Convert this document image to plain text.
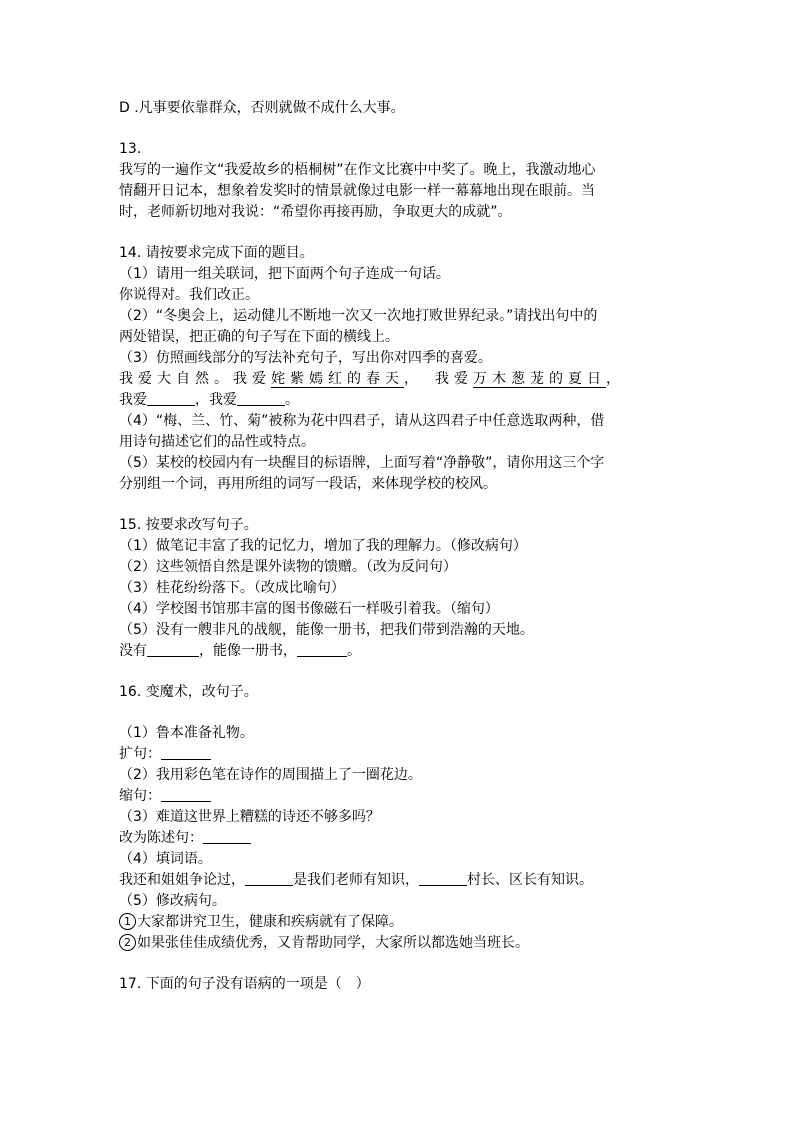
D .凡事要依靠群众，否则就做不成什么大事。
13.
我写的一遍作文“我爱故乡的梧桐树”在作文比赛中中奖了。晚上，我激动地心
情翻开日记本，想象着发奖时的情景就像过电影一样一幕幕地出现在眼前。当
时，老师新切地对我说：“希望你再接再励，争取更大的成就”。
14. 请按要求完成下面的题目。
（1）请用一组关联词，把下面两个句子连成一句话。
你说得对。我们改正。
（2）“冬奥会上，运动健儿不断地一次又一次地打败世界纪录。”请找出句中的
两处错误，把正确的句子写在下面的横线上。
（3）仿照画线部分的写法补充句子，写出你对四季的喜爱。
我爱大自然。我爱姹紫嫣红的春天，　我爱万木葱茏的夏日，
我爱	，我爱	。
（4）“梅、兰、竹、菊”被称为花中四君子，请从这四君子中任意选取两种，借
用诗句描述它们的品性或特点。
（5）某校的校园内有一块醒目的标语牌，上面写着“净静敬”，请你用这三个字
分别组一个词，再用所组的词写一段话，来体现学校的校风。
15. 按要求改写句子。
（1）做笔记丰富了我的记忆力，增加了我的理解力。（修改病句）
（2）这些领悟自然是课外读物的馈赠。（改为反问句）
（3）桂花纷纷落下。（改成比喻句）
（4）学校图书馆那丰富的图书像磁石一样吸引着我。（缩句）
（5）没有一艘非凡的战舰，能像一册书，把我们带到浩瀚的天地。
没有	，能像一册书，	。
16. 变魔术，改句子。
（1）鲁本准备礼物。
扩句：
（2）我用彩色笔在诗作的周围描上了一圈花边。
缩句：
（3）难道这世界上糟糕的诗还不够多吗？
改为陈述句：
（4）填词语。
我还和姐姐争论过，	是我们老师有知识，	村长、区长有知识。
（5）修改病句。
1 大家都讲究卫生，健康和疾病就有了保障。
2 如果张佳佳成绩优秀，又肯帮助同学，大家所以都选她当班长。
17. 下面的句子没有语病的一项是（　）
